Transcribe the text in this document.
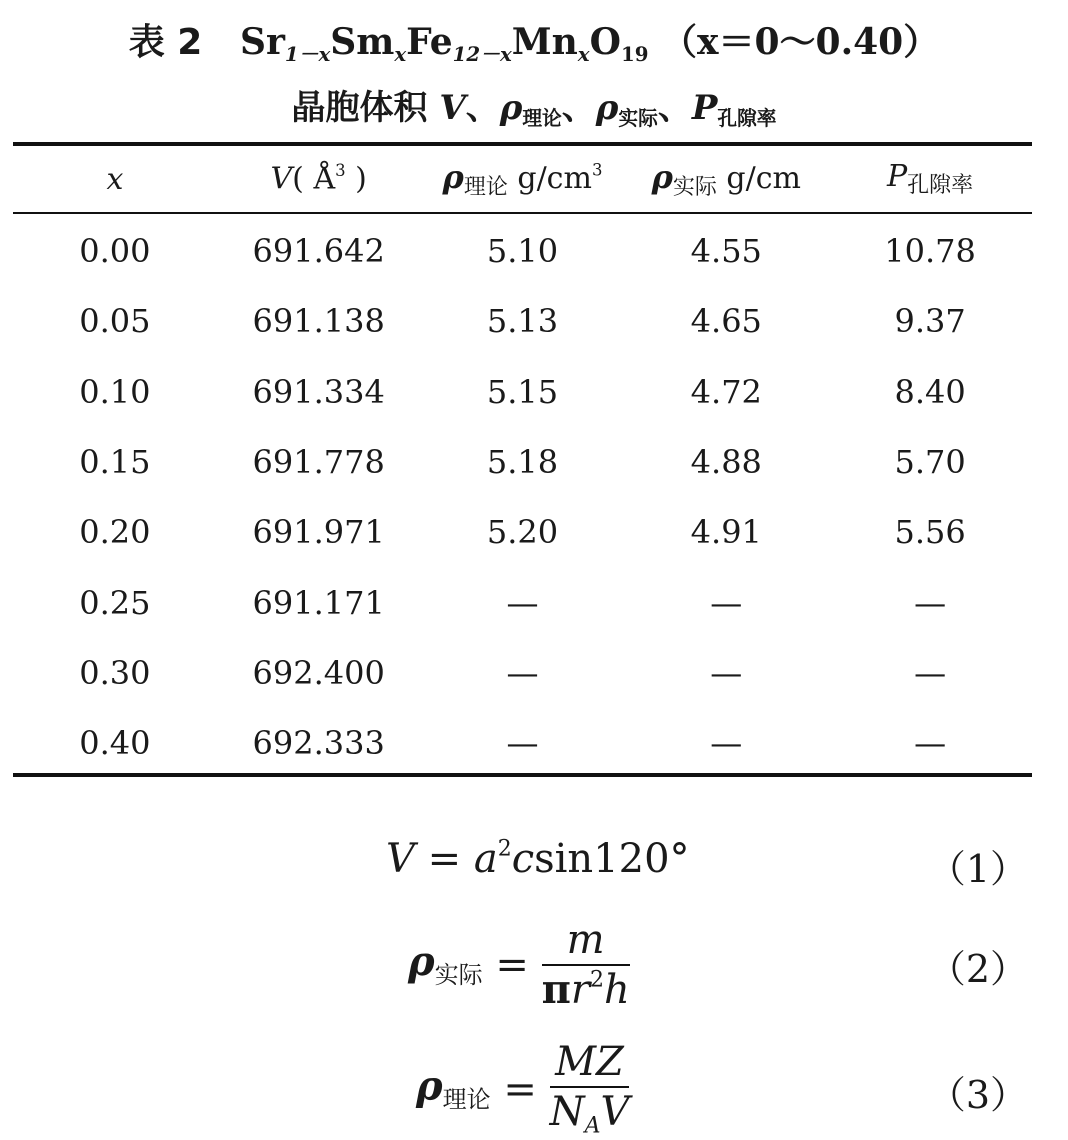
表 2 $Sr_{1-x}Sm_xFe_{12-x}Mn_xO_{19}$ （x＝0～0.40）
晶胞体积 V、ρ理论、ρ实际、P孔隙率
x	V( $Å^3$ )	$\rho_{理论}$ $g/cm^3$	$\rho_{实际}$ g/cm	$P_{孔隙率}$
0.00	691.642	5.10	4.55	10.78
0.05	691.138	5.13	4.65	9.37
0.10	691.334	5.15	4.72	8.40
0.15	691.778	5.18	4.88	5.70
0.20	691.971	5.20	4.91	5.56
0.25	691.171	—	—	—
0.30	692.400	—	—	—
0.40	692.333	—	—	—
$V = a^2csin120^\circ$	（1）
$\rho_{实际} = \frac{m}{\pi r^2h}$	（2）
$\rho_{理论} = \frac{MZ}{N_AV}$	（3）
